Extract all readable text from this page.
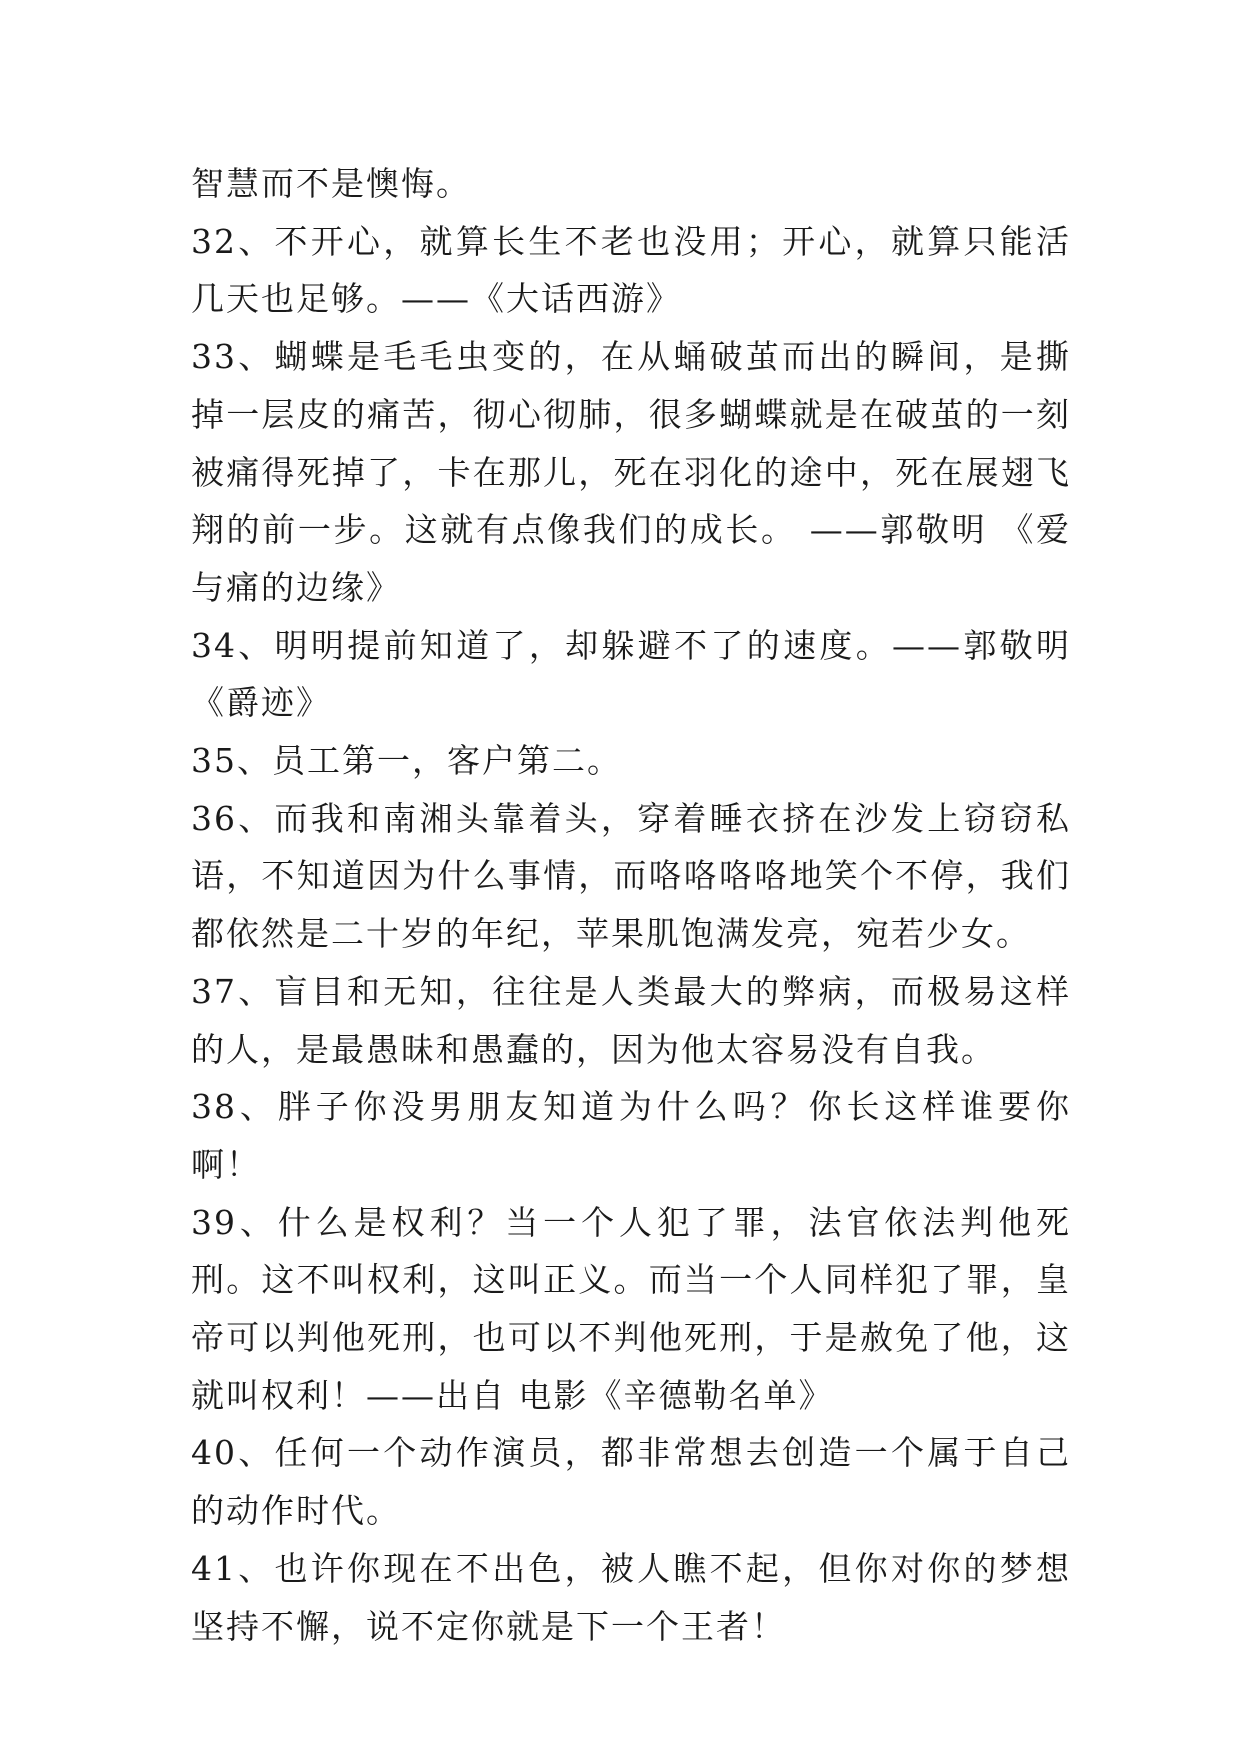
智慧而不是懊悔。

32、不开心，就算长生不老也没用；开心，就算只能活几天也足够。——《大话西游》

33、蝴蝶是毛毛虫变的，在从蛹破茧而出的瞬间，是撕掉一层皮的痛苦，彻心彻肺，很多蝴蝶就是在破茧的一刻被痛得死掉了，卡在那儿，死在羽化的途中，死在展翅飞翔的前一步。这就有点像我们的成长。 ——郭敬明 《爱与痛的边缘》

34、明明提前知道了，却躲避不了的速度。——郭敬明《爵迹》

35、员工第一，客户第二。

36、而我和南湘头靠着头，穿着睡衣挤在沙发上窃窃私语，不知道因为什么事情，而咯咯咯咯地笑个不停，我们都依然是二十岁的年纪，苹果肌饱满发亮，宛若少女。

37、盲目和无知，往往是人类最大的弊病，而极易这样的人，是最愚昧和愚蠢的，因为他太容易没有自我。

38、胖子你没男朋友知道为什么吗？你长这样谁要你啊！

39、什么是权利？当一个人犯了罪，法官依法判他死刑。这不叫权利，这叫正义。而当一个人同样犯了罪，皇帝可以判他死刑，也可以不判他死刑，于是赦免了他，这就叫权利！——出自 电影《辛德勒名单》

40、任何一个动作演员，都非常想去创造一个属于自己的动作时代。

41、也许你现在不出色，被人瞧不起，但你对你的梦想坚持不懈，说不定你就是下一个王者！
